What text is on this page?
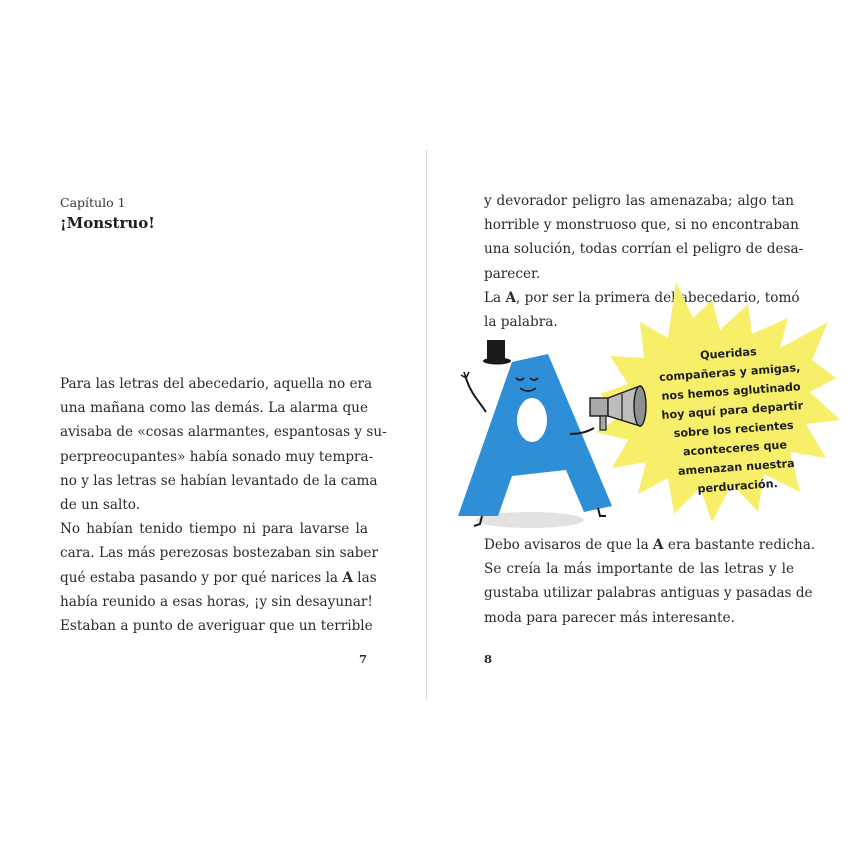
Capítulo 1
¡Monstruo!
Para las letras del abecedario, aquella no era
una mañana como las demás. La alarma que
avisaba de «cosas alarmantes, espantosas y su-
perpreocupantes» había sonado muy tempra-
no y las letras se habían levantado de la cama
de un salto.
No habían tenido tiempo ni para lavarse la
cara. Las más perezosas bostezaban sin saber
qué estaba pasando y por qué narices la A las
había reunido a esas horas, ¡y sin desayunar!
Estaban a punto de averiguar que un terrible
7
y devorador peligro las amenazaba; algo tan
horrible y monstruoso que, si no encontraban
una solución, todas corrían el peligro de desa-
parecer.
La A, por ser la primera del abecedario, tomó
la palabra.
Queridas
compañeras y amigas,
nos hemos aglutinado
hoy aquí para departir
sobre los recientes
aconteceres que
amenazan nuestra
perduración.
Debo avisaros de que la A era bastante redicha.
Se creía la más importante de las letras y le
gustaba utilizar palabras antiguas y pasadas de
moda para parecer más interesante.
8
